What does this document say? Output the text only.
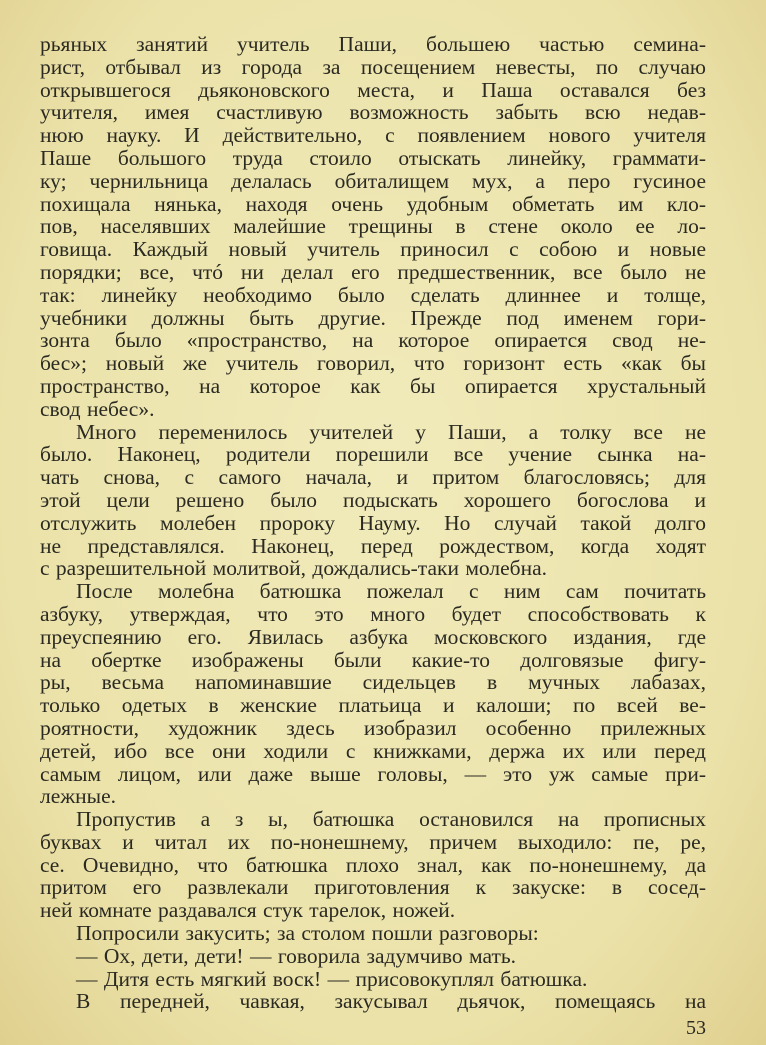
рьяных занятий учитель Паши, большею частью семина-
рист, отбывал из города за посещением невесты, по случаю
открывшегося дьяконовского места, и Паша оставался без
учителя, имея счастливую возможность забыть всю недав-
нюю науку. И действительно, с появлением нового учителя
Паше большого труда стоило отыскать линейку, граммати-
ку; чернильница делалась обиталищем мух, а перо гусиное
похищала нянька, находя очень удобным обметать им кло-
пов, населявших малейшие трещины в стене около ее ло-
говища. Каждый новый учитель приносил с собою и новые
порядки; все, чтó ни делал его предшественник, все было не
так: линейку необходимо было сделать длиннее и толще,
учебники должны быть другие. Прежде под именем гори-
зонта было «пространство, на которое опирается свод не-
бес»; новый же учитель говорил, что горизонт есть «как бы
пространство, на которое как бы опирается хрустальный
свод небес».
Много переменилось учителей у Паши, а толку все не
было. Наконец, родители порешили все учение сынка на-
чать снова, с самого начала, и притом благословясь; для
этой цели решено было подыскать хорошего богослова и
отслужить молебен пророку Науму. Но случай такой долго
не представлялся. Наконец, перед рождеством, когда ходят
с разрешительной молитвой, дождались-таки молебна.
После молебна батюшка пожелал с ним сам почитать
азбуку, утверждая, что это много будет способствовать к
преуспеянию его. Явилась азбука московского издания, где
на обертке изображены были какие-то долговязые фигу-
ры, весьма напоминавшие сидельцев в мучных лабазах,
только одетых в женские платьица и калоши; по всей ве-
роятности, художник здесь изобразил особенно прилежных
детей, ибо все они ходили с книжками, держа их или перед
самым лицом, или даже выше головы, — это уж самые при-
лежные.
Пропустив а з ы, батюшка остановился на прописных
буквах и читал их по-нонешнему, причем выходило: пе, ре,
се. Очевидно, что батюшка плохо знал, как по-нонешнему, да
притом его развлекали приготовления к закуске: в сосед-
ней комнате раздавался стук тарелок, ножей.
Попросили закусить; за столом пошли разговоры:
— Ох, дети, дети! — говорила задумчиво мать.
— Дитя есть мягкий воск! — присовокуплял батюшка.
В передней, чавкая, закусывал дьячок, помещаясь на
53
